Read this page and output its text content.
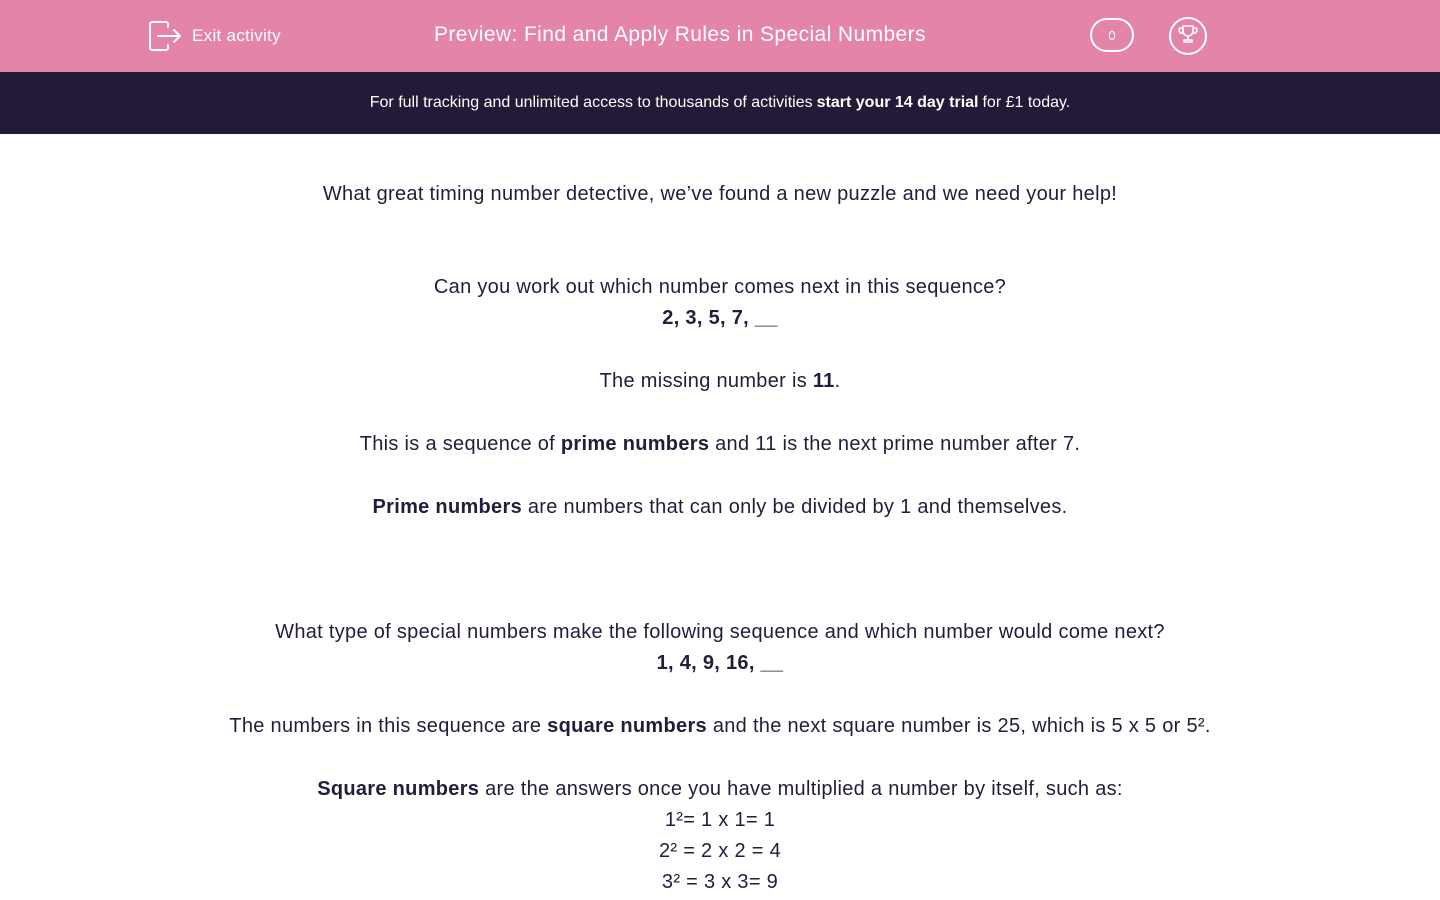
Exit activity	Preview: Find and Apply Rules in Special Numbers	0
For full tracking and unlimited access to thousands of activities start your 14 day trial for £1 today.
What great timing number detective, we’ve found a new puzzle and we need your help!
Can you work out which number comes next in this sequence?
2, 3, 5, 7, __
The missing number is 11.
This is a sequence of prime numbers and 11 is the next prime number after 7.
Prime numbers are numbers that can only be divided by 1 and themselves.
What type of special numbers make the following sequence and which number would come next?
1, 4, 9, 16, __
The numbers in this sequence are square numbers and the next square number is 25, which is 5 x 5 or 5².
Square numbers are the answers once you have multiplied a number by itself, such as:
1²= 1 x 1= 1
2² = 2 x 2 = 4
3² = 3 x 3= 9
